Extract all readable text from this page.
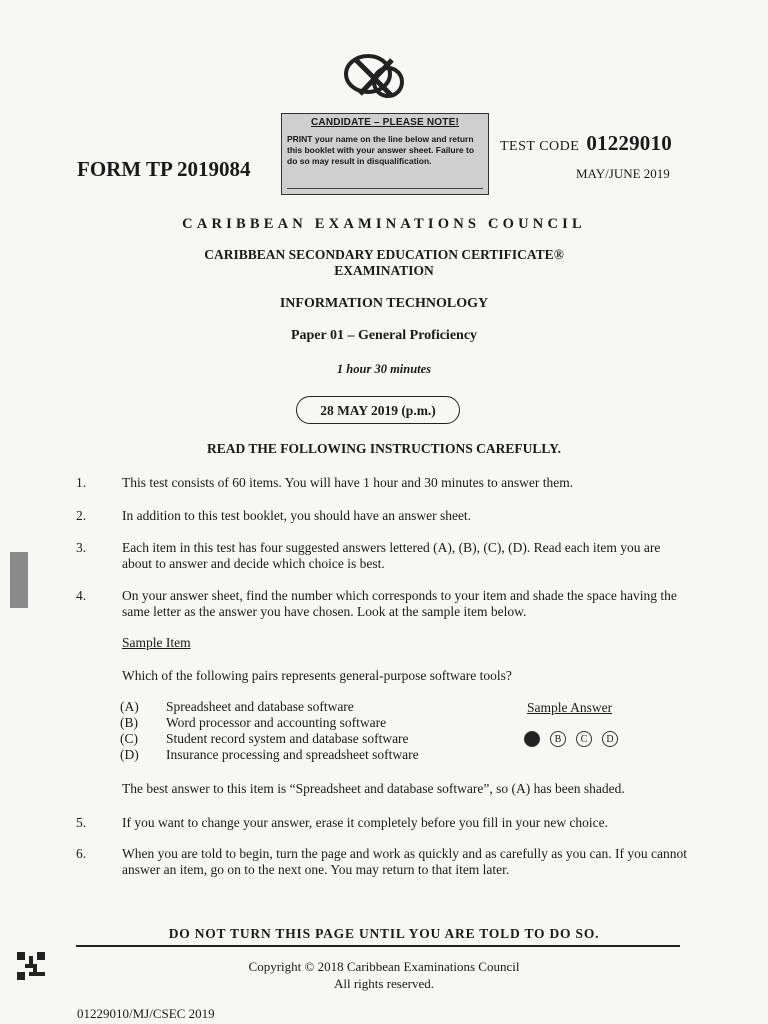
CANDIDATE – PLEASE NOTE!
PRINT your name on the line below and return this booklet with your answer sheet. Failure to do so may result in disqualification.
FORM TP 2019084
TEST CODE 01229010
MAY/JUNE 2019
CARIBBEAN EXAMINATIONS COUNCIL
CARIBBEAN SECONDARY EDUCATION CERTIFICATE®
EXAMINATION
INFORMATION TECHNOLOGY
Paper 01 – General Proficiency
1 hour 30 minutes
28 MAY 2019 (p.m.)
READ THE FOLLOWING INSTRUCTIONS CAREFULLY.
1.	This test consists of 60 items. You will have 1 hour and 30 minutes to answer them.
2.	In addition to this test booklet, you should have an answer sheet.
3.	Each item in this test has four suggested answers lettered (A), (B), (C), (D). Read each item you are about to answer and decide which choice is best.
4.	On your answer sheet, find the number which corresponds to your item and shade the space having the same letter as the answer you have chosen. Look at the sample item below.
Sample Item
Which of the following pairs represents general-purpose software tools?
(A) Spreadsheet and database software
(B) Word processor and accounting software
(C) Student record system and database software
(D) Insurance processing and spreadsheet software
Sample Answer
A	B	C	D
The best answer to this item is “Spreadsheet and database software”, so (A) has been shaded.
5.	If you want to change your answer, erase it completely before you fill in your new choice.
6.	When you are told to begin, turn the page and work as quickly and as carefully as you can. If you cannot answer an item, go on to the next one. You may return to that item later.
DO NOT TURN THIS PAGE UNTIL YOU ARE TOLD TO DO SO.
Copyright © 2018 Caribbean Examinations Council
All rights reserved.
01229010/MJ/CSEC 2019
